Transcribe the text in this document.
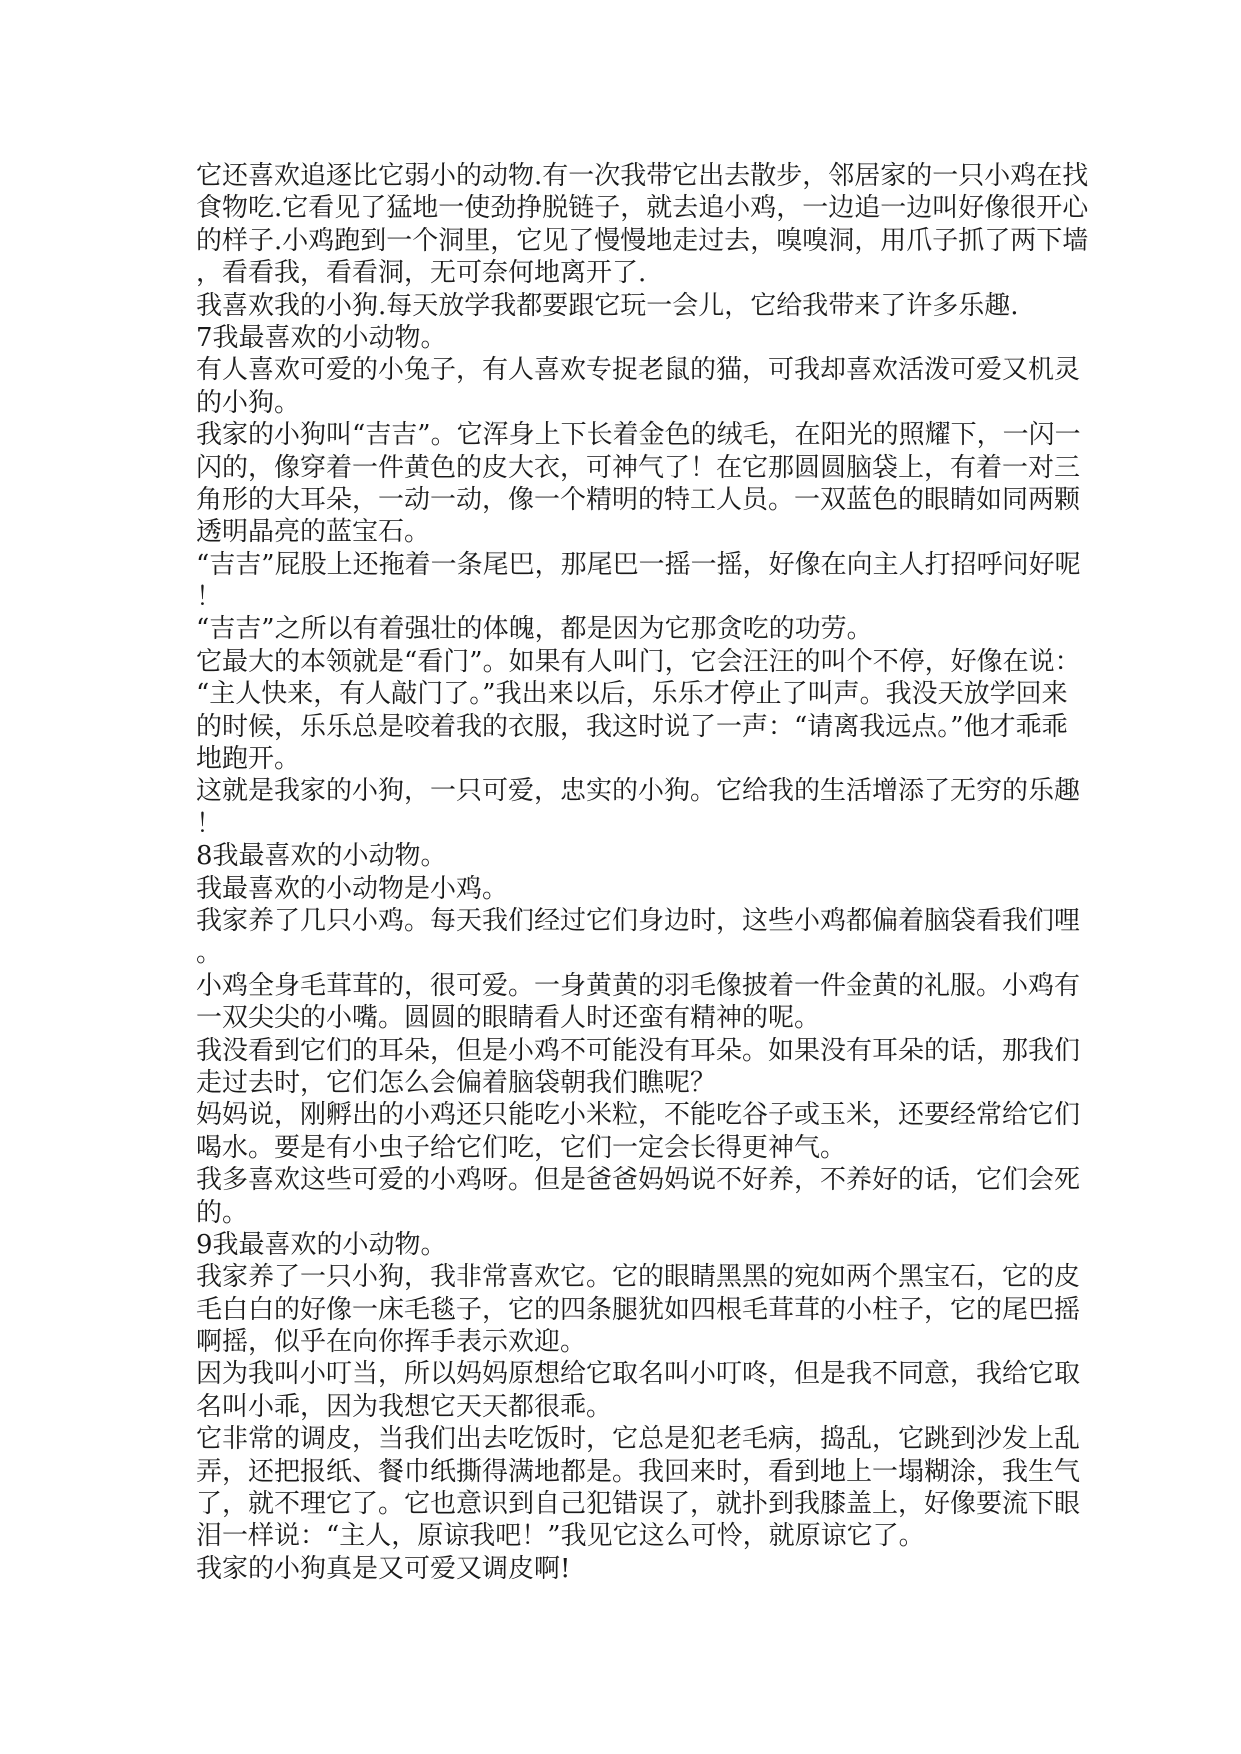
它还喜欢追逐比它弱小的动物.有一次我带它出去散步，邻居家的一只小鸡在找
食物吃.它看见了猛地一使劲挣脱链子，就去追小鸡，一边追一边叫好像很开心
的样子.小鸡跑到一个洞里，它见了慢慢地走过去，嗅嗅洞，用爪子抓了两下墙
，看看我，看看洞，无可奈何地离开了.
我喜欢我的小狗.每天放学我都要跟它玩一会儿，它给我带来了许多乐趣.
7我最喜欢的小动物。
有人喜欢可爱的小兔子，有人喜欢专捉老鼠的猫，可我却喜欢活泼可爱又机灵
的小狗。
我家的小狗叫“吉吉”。它浑身上下长着金色的绒毛，在阳光的照耀下，一闪一
闪的，像穿着一件黄色的皮大衣，可神气了！在它那圆圆脑袋上，有着一对三
角形的大耳朵，一动一动，像一个精明的特工人员。一双蓝色的眼睛如同两颗
透明晶亮的蓝宝石。
“吉吉”屁股上还拖着一条尾巴，那尾巴一摇一摇，好像在向主人打招呼问好呢
！
“吉吉”之所以有着强壮的体魄，都是因为它那贪吃的功劳。
它最大的本领就是“看门”。如果有人叫门，它会汪汪的叫个不停，好像在说：
“主人快来，有人敲门了。”我出来以后，乐乐才停止了叫声。我没天放学回来
的时候，乐乐总是咬着我的衣服，我这时说了一声：“请离我远点。”他才乖乖
地跑开。
这就是我家的小狗，一只可爱，忠实的小狗。它给我的生活增添了无穷的乐趣
！
8我最喜欢的小动物。
我最喜欢的小动物是小鸡。
我家养了几只小鸡。每天我们经过它们身边时，这些小鸡都偏着脑袋看我们哩
。
小鸡全身毛茸茸的，很可爱。一身黄黄的羽毛像披着一件金黄的礼服。小鸡有
一双尖尖的小嘴。圆圆的眼睛看人时还蛮有精神的呢。
我没看到它们的耳朵，但是小鸡不可能没有耳朵。如果没有耳朵的话，那我们
走过去时，它们怎么会偏着脑袋朝我们瞧呢？
妈妈说，刚孵出的小鸡还只能吃小米粒，不能吃谷子或玉米，还要经常给它们
喝水。要是有小虫子给它们吃，它们一定会长得更神气。
我多喜欢这些可爱的小鸡呀。但是爸爸妈妈说不好养，不养好的话，它们会死
的。
9我最喜欢的小动物。
我家养了一只小狗，我非常喜欢它。它的眼睛黑黑的宛如两个黑宝石，它的皮
毛白白的好像一床毛毯子，它的四条腿犹如四根毛茸茸的小柱子，它的尾巴摇
啊摇，似乎在向你挥手表示欢迎。
因为我叫小叮当，所以妈妈原想给它取名叫小叮咚，但是我不同意，我给它取
名叫小乖，因为我想它天天都很乖。
它非常的调皮，当我们出去吃饭时，它总是犯老毛病，捣乱，它跳到沙发上乱
弄，还把报纸、餐巾纸撕得满地都是。我回来时，看到地上一塌糊涂，我生气
了，就不理它了。它也意识到自己犯错误了，就扑到我膝盖上，好像要流下眼
泪一样说：“主人，原谅我吧！”我见它这么可怜，就原谅它了。
我家的小狗真是又可爱又调皮啊!
